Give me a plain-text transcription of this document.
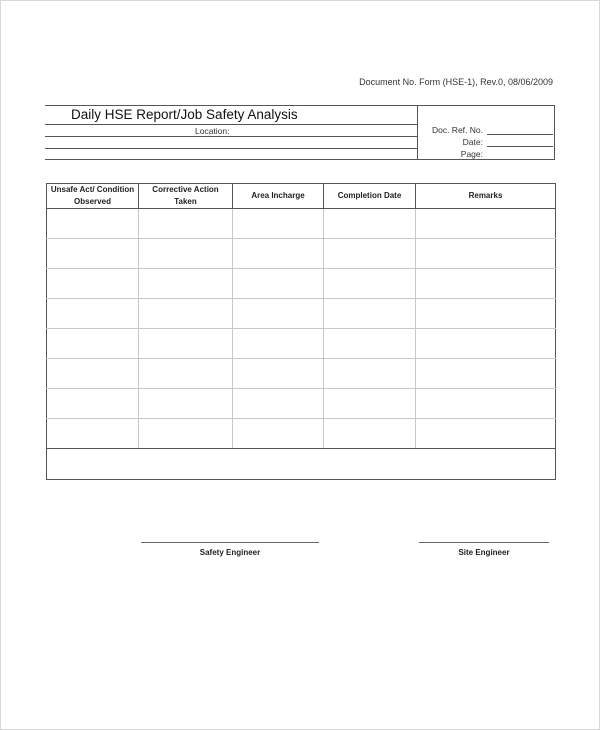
Document No. Form (HSE-1), Rev.0, 08/06/2009
Daily HSE Report/Job Safety Analysis
Location:	Doc. Ref. No.
Date:
Page:
Unsafe Act/ Condition Observed	Corrective Action Taken	Area Incharge	Completion Date	Remarks

Safety Engineer	Site Engineer
